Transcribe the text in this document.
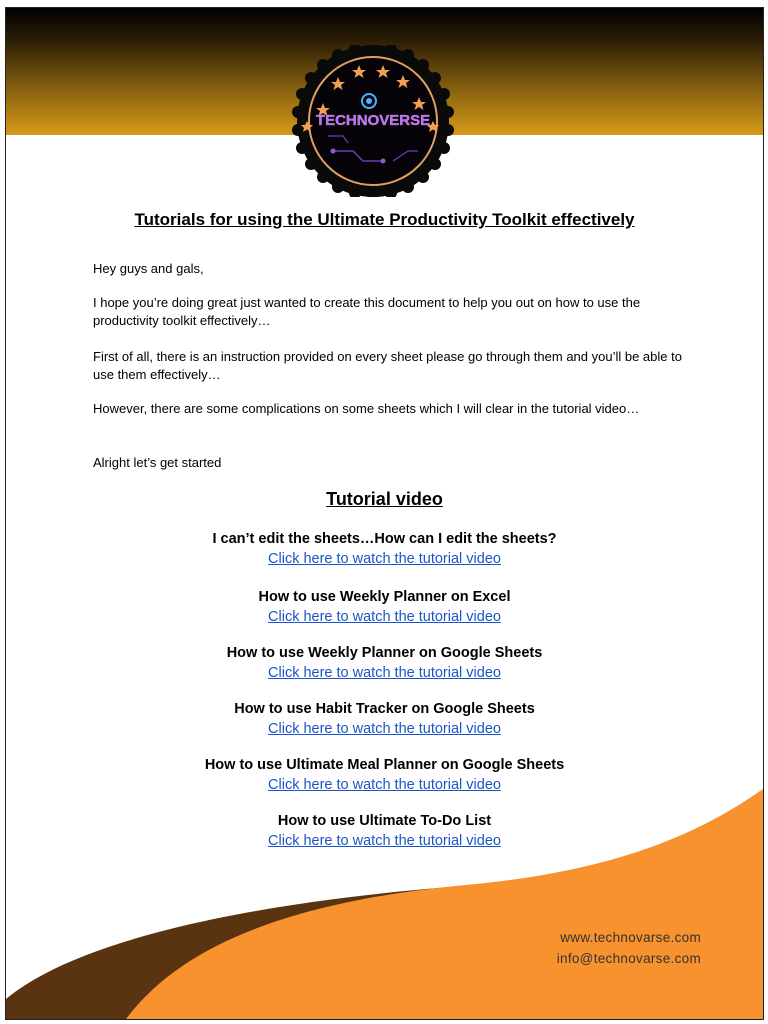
TECHNOVERSE
Tutorials for using the Ultimate Productivity Toolkit effectively

Hey guys and gals,

I hope you’re doing great just wanted to create this document to help you out on how to use the productivity toolkit effectively…

First of all, there is an instruction provided on every sheet please go through them and you’ll be able to use them effectively…

However, there are some complications on some sheets which I will clear in the tutorial video…

Alright let’s get started

Tutorial video
I can’t edit the sheets…How can I edit the sheets?
Click here to watch the tutorial video
How to use Weekly Planner on Excel
Click here to watch the tutorial video
How to use Weekly Planner on Google Sheets
Click here to watch the tutorial video
How to use Habit Tracker on Google Sheets
Click here to watch the tutorial video
How to use Ultimate Meal Planner on Google Sheets
Click here to watch the tutorial video
How to use Ultimate To-Do List
Click here to watch the tutorial video
www.technovarse.com
info@technovarse.com
